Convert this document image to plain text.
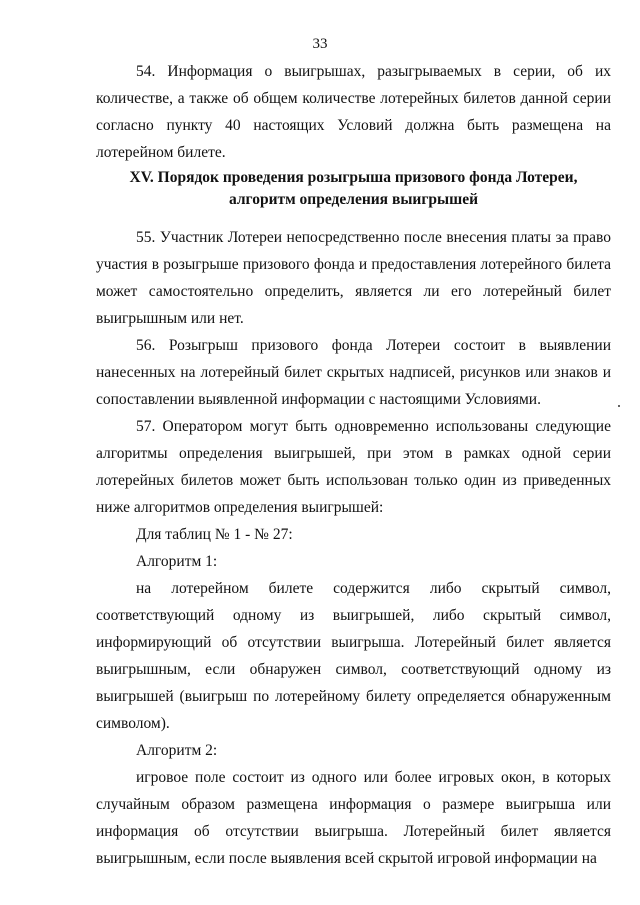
33

54. Информация о выигрышах, разыгрываемых в серии, об их количестве, а также об общем количестве лотерейных билетов данной серии согласно пункту 40 настоящих Условий должна быть размещена на лотерейном билете.

XV. Порядок проведения розыгрыша призового фонда Лотереи,
алгоритм определения выигрышей

55. Участник Лотереи непосредственно после внесения платы за право участия в розыгрыше призового фонда и предоставления лотерейного билета может самостоятельно определить, является ли его лотерейный билет выигрышным или нет.

56. Розыгрыш призового фонда Лотереи состоит в выявлении нанесенных на лотерейный билет скрытых надписей, рисунков или знаков и сопоставлении выявленной информации с настоящими Условиями.

57. Оператором могут быть одновременно использованы следующие алгоритмы определения выигрышей, при этом в рамках одной серии лотерейных билетов может быть использован только один из приведенных ниже алгоритмов определения выигрышей:

Для таблиц № 1 - № 27:

Алгоритм 1:

на лотерейном билете содержится либо скрытый символ, соответствующий одному из выигрышей, либо скрытый символ, информирующий об отсутствии выигрыша. Лотерейный билет является выигрышным, если обнаружен символ, соответствующий одному из выигрышей (выигрыш по лотерейному билету определяется обнаруженным символом).

Алгоритм 2:

игровое поле состоит из одного или более игровых окон, в которых случайным образом размещена информация о размере выигрыша или информация об отсутствии выигрыша. Лотерейный билет является выигрышным, если после выявления всей скрытой игровой информации на
